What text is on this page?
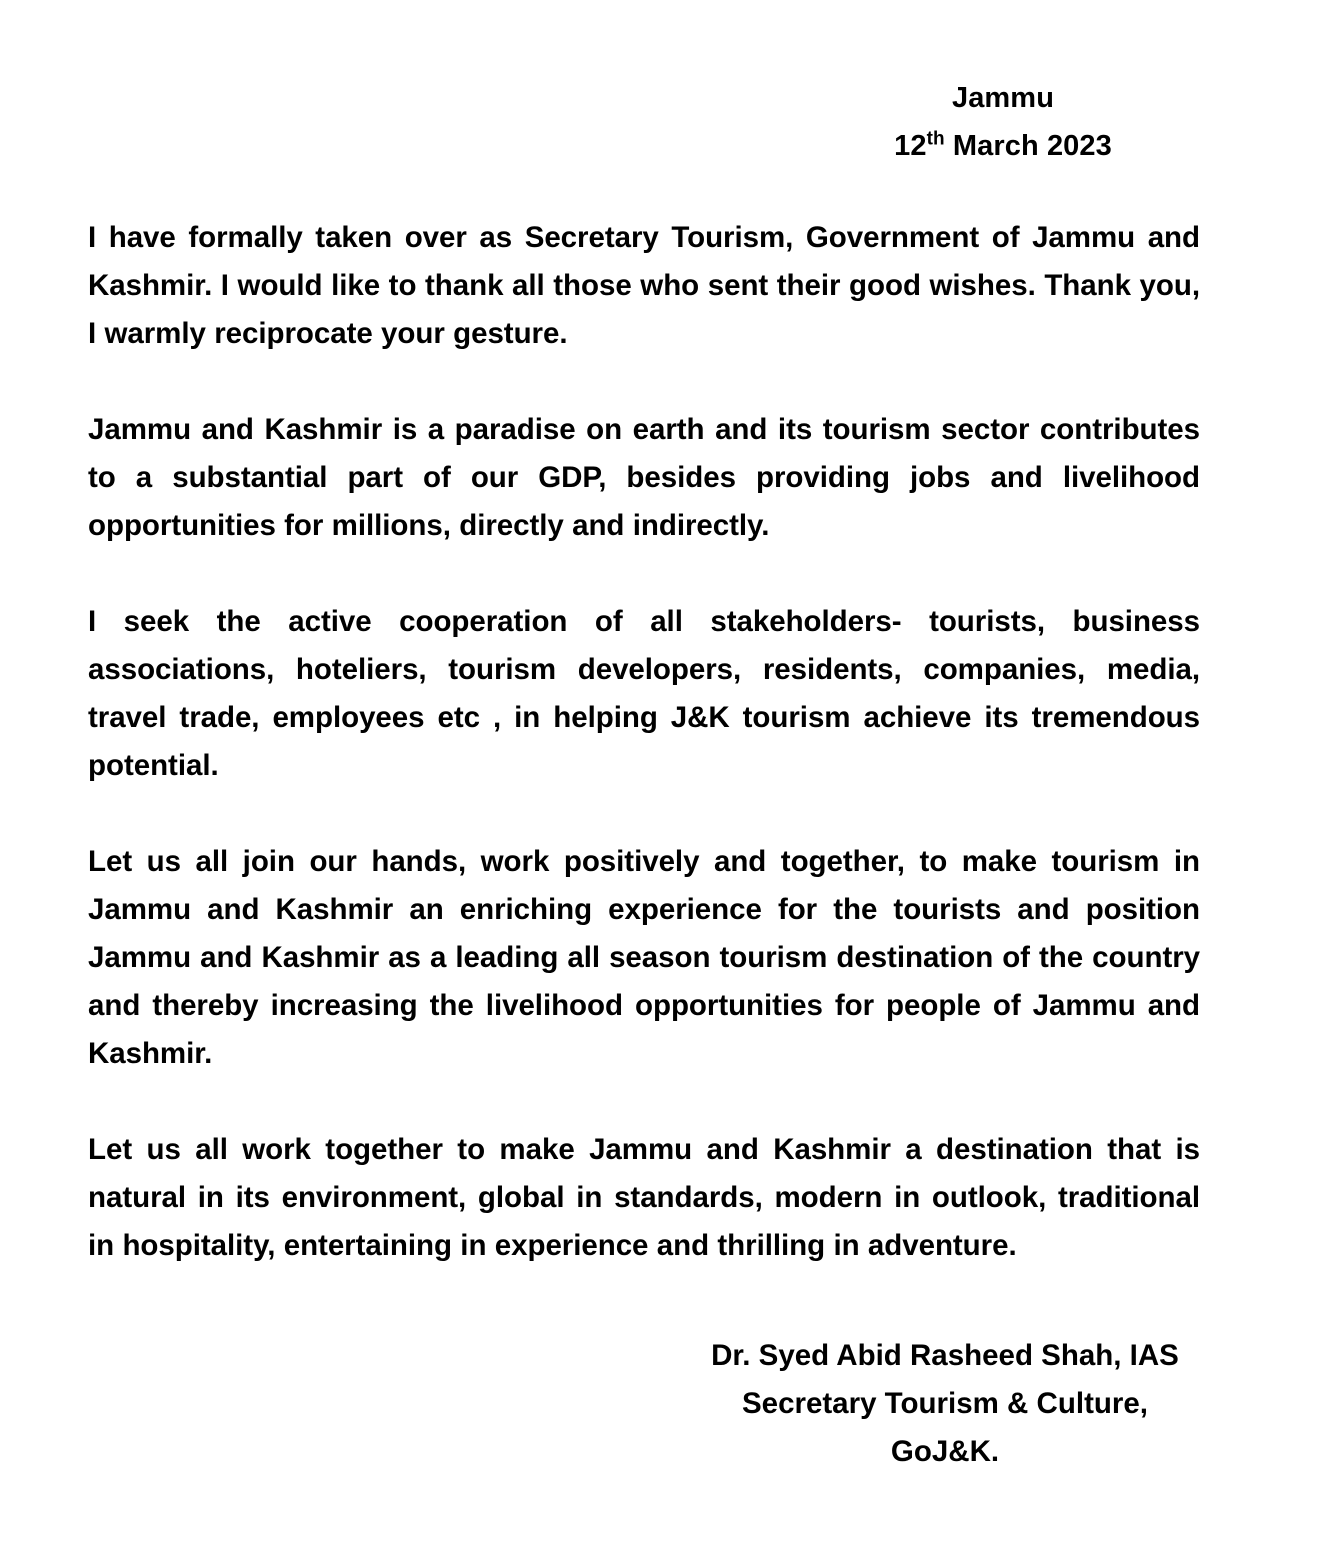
Jammu
12th March 2023

I have formally taken over as Secretary Tourism, Government of Jammu and Kashmir. I would like to thank all those who sent their good wishes. Thank you, I warmly reciprocate your gesture.

Jammu and Kashmir is a paradise on earth and its tourism sector contributes to a substantial part of our GDP, besides providing jobs and livelihood opportunities for millions, directly and indirectly.

I seek the active cooperation of all stakeholders- tourists, business associations, hoteliers, tourism developers, residents, companies, media, travel trade, employees etc , in helping J&K tourism achieve its tremendous potential.

Let us all join our hands, work positively and together, to make tourism in Jammu and Kashmir an enriching experience for the tourists and position Jammu and Kashmir as a leading all season tourism destination of the country and thereby increasing the livelihood opportunities for people of Jammu and Kashmir.

Let us all work together to make Jammu and Kashmir a destination that is natural in its environment, global in standards, modern in outlook, traditional in hospitality, entertaining in experience and thrilling in adventure.

Dr. Syed Abid Rasheed Shah, IAS
Secretary Tourism & Culture,
GoJ&K.
